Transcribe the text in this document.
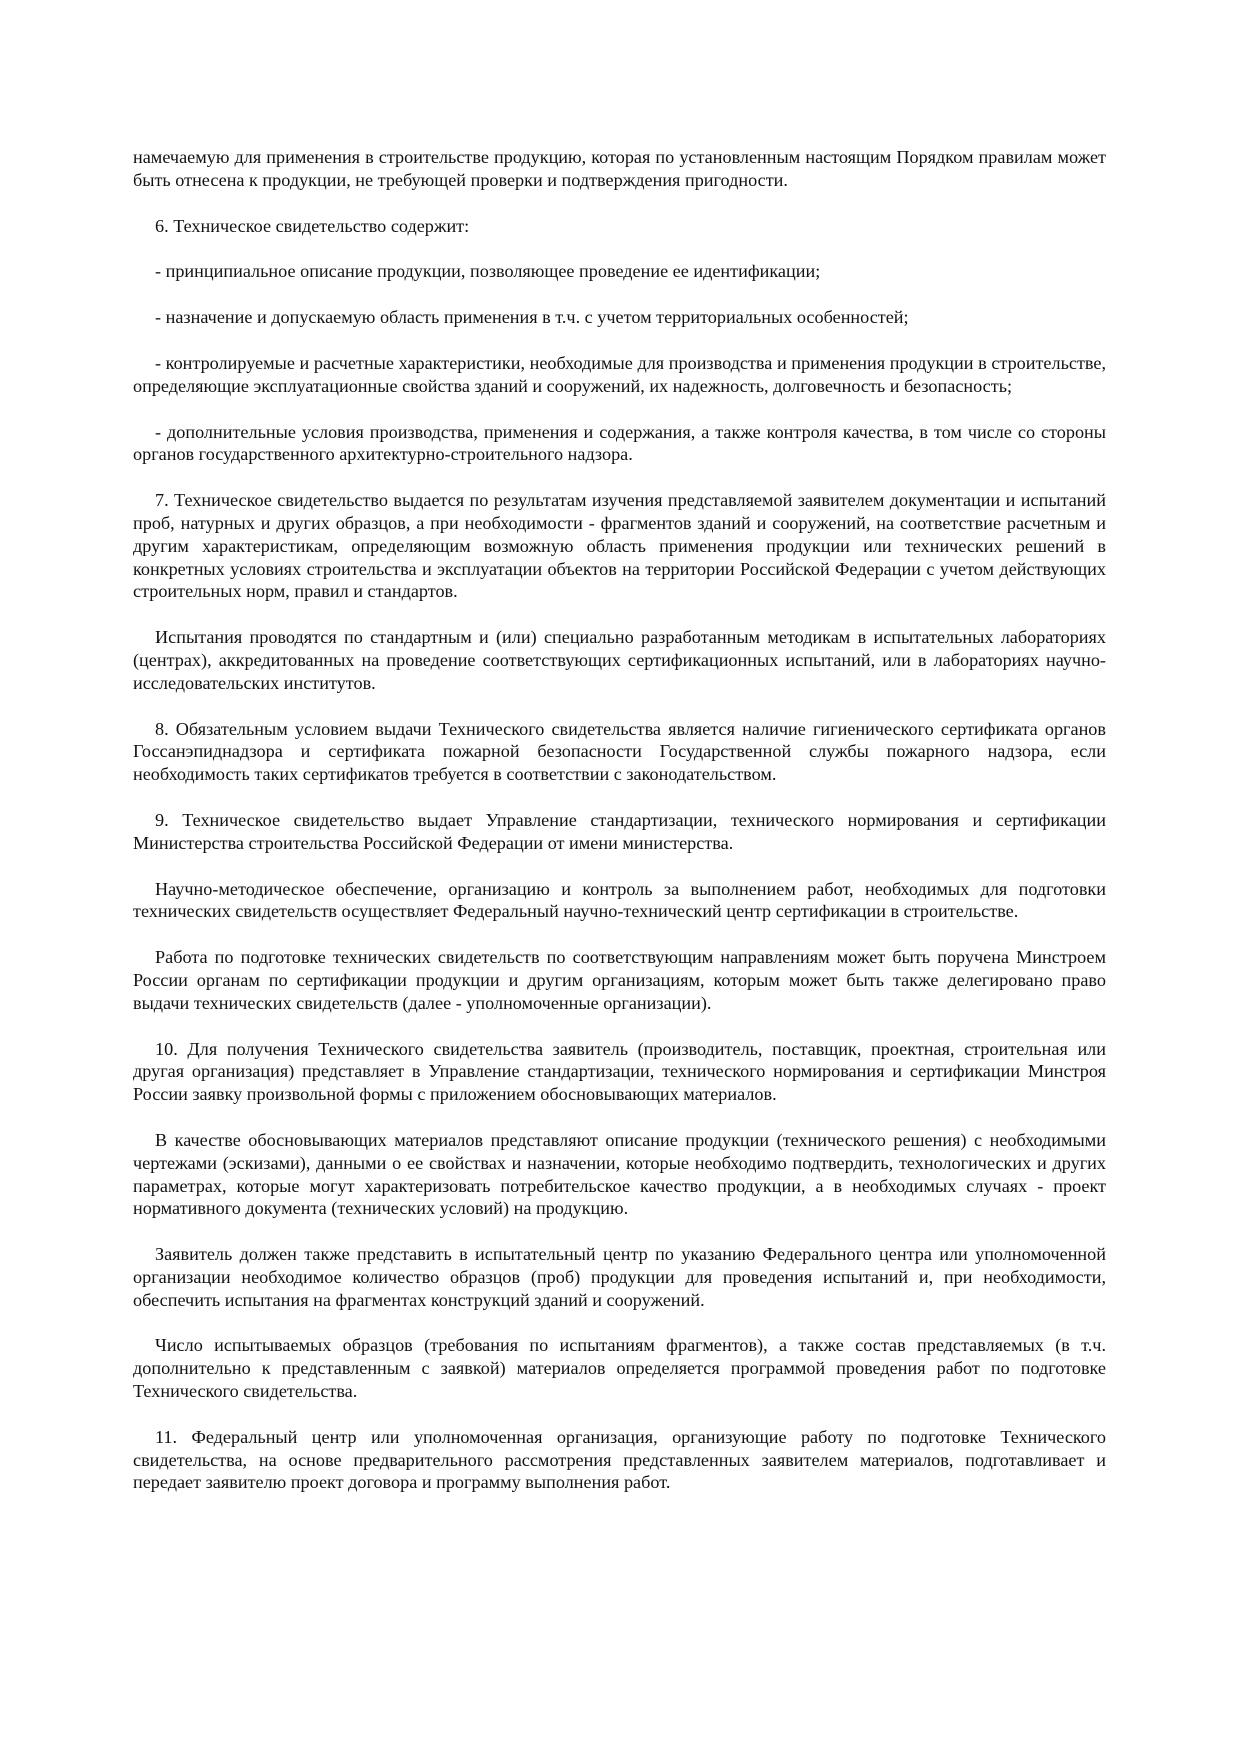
намечаемую для применения в строительстве продукцию, которая по установленным настоящим Порядком правилам может быть отнесена к продукции, не требующей проверки и подтверждения пригодности.

6. Техническое свидетельство содержит:

- принципиальное описание продукции, позволяющее проведение ее идентификации;

- назначение и допускаемую область применения в т.ч. с учетом территориальных особенностей;

- контролируемые и расчетные характеристики, необходимые для производства и применения продукции в строительстве, определяющие эксплуатационные свойства зданий и сооружений, их надежность, долговечность и безопасность;

- дополнительные условия производства, применения и содержания, а также контроля качества, в том числе со стороны органов государственного архитектурно-строительного надзора.

7. Техническое свидетельство выдается по результатам изучения представляемой заявителем документации и испытаний проб, натурных и других образцов, а при необходимости - фрагментов зданий и сооружений, на соответствие расчетным и другим характеристикам, определяющим возможную область применения продукции или технических решений в конкретных условиях строительства и эксплуатации объектов на территории Российской Федерации с учетом действующих строительных норм, правил и стандартов.

Испытания проводятся по стандартным и (или) специально разработанным методикам в испытательных лабораториях (центрах), аккредитованных на проведение соответствующих сертификационных испытаний, или в лабораториях научно-исследовательских институтов.

8. Обязательным условием выдачи Технического свидетельства является наличие гигиенического сертификата органов Госсанэпиднадзора и сертификата пожарной безопасности Государственной службы пожарного надзора, если необходимость таких сертификатов требуется в соответствии с законодательством.

9. Техническое свидетельство выдает Управление стандартизации, технического нормирования и сертификации Министерства строительства Российской Федерации от имени министерства.

Научно-методическое обеспечение, организацию и контроль за выполнением работ, необходимых для подготовки технических свидетельств осуществляет Федеральный научно-технический центр сертификации в строительстве.

Работа по подготовке технических свидетельств по соответствующим направлениям может быть поручена Минстроем России органам по сертификации продукции и другим организациям, которым может быть также делегировано право выдачи технических свидетельств (далее - уполномоченные организации).

10. Для получения Технического свидетельства заявитель (производитель, поставщик, проектная, строительная или другая организация) представляет в Управление стандартизации, технического нормирования и сертификации Минстроя России заявку произвольной формы с приложением обосновывающих материалов.

В качестве обосновывающих материалов представляют описание продукции (технического решения) с необходимыми чертежами (эскизами), данными о ее свойствах и назначении, которые необходимо подтвердить, технологических и других параметрах, которые могут характеризовать потребительское качество продукции, а в необходимых случаях - проект нормативного документа (технических условий) на продукцию.

Заявитель должен также представить в испытательный центр по указанию Федерального центра или уполномоченной организации необходимое количество образцов (проб) продукции для проведения испытаний и, при необходимости, обеспечить испытания на фрагментах конструкций зданий и сооружений.

Число испытываемых образцов (требования по испытаниям фрагментов), а также состав представляемых (в т.ч. дополнительно к представленным с заявкой) материалов определяется программой проведения работ по подготовке Технического свидетельства.

11. Федеральный центр или уполномоченная организация, организующие работу по подготовке Технического свидетельства, на основе предварительного рассмотрения представленных заявителем материалов, подготавливает и передает заявителю проект договора и программу выполнения работ.
